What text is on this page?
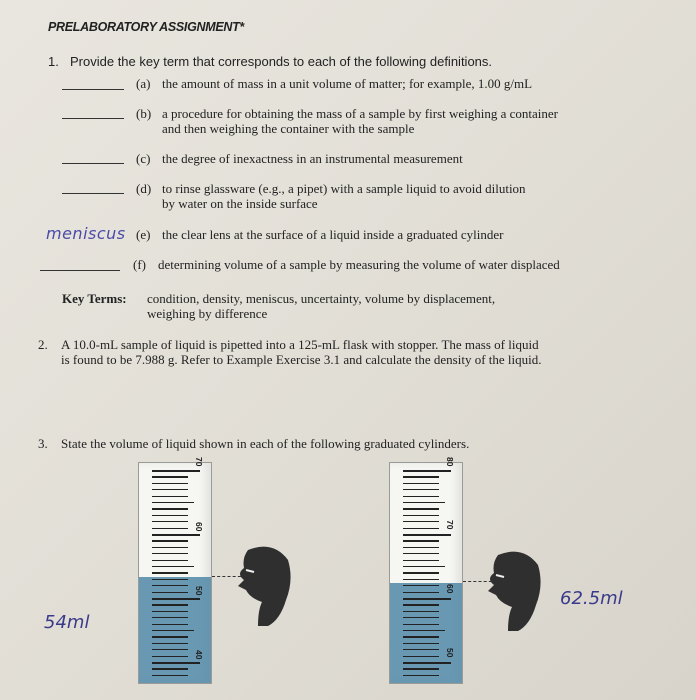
PRELABORATORY ASSIGNMENT*
1. Provide the key term that corresponds to each of the following definitions.
(a) the amount of mass in a unit volume of matter; for example, 1.00 g/mL
(b) a procedure for obtaining the mass of a sample by first weighing a container
and then weighing the container with the sample
(c) the degree of inexactness in an instrumental measurement
(d) to rinse glassware (e.g., a pipet) with a sample liquid to avoid dilution
by water on the inside surface
meniscus (e) the clear lens at the surface of a liquid inside a graduated cylinder
(f) determining volume of a sample by measuring the volume of water displaced
Key Terms: condition, density, meniscus, uncertainty, volume by displacement,
weighing by difference
2. A 10.0-mL sample of liquid is pipetted into a 125-mL flask with stopper. The mass of liquid
is found to be 7.988 g. Refer to Example Exercise 3.1 and calculate the density of the liquid.
3. State the volume of liquid shown in each of the following graduated cylinders.
70
60
50
40
54ml
80
70
60
50
62.5ml
